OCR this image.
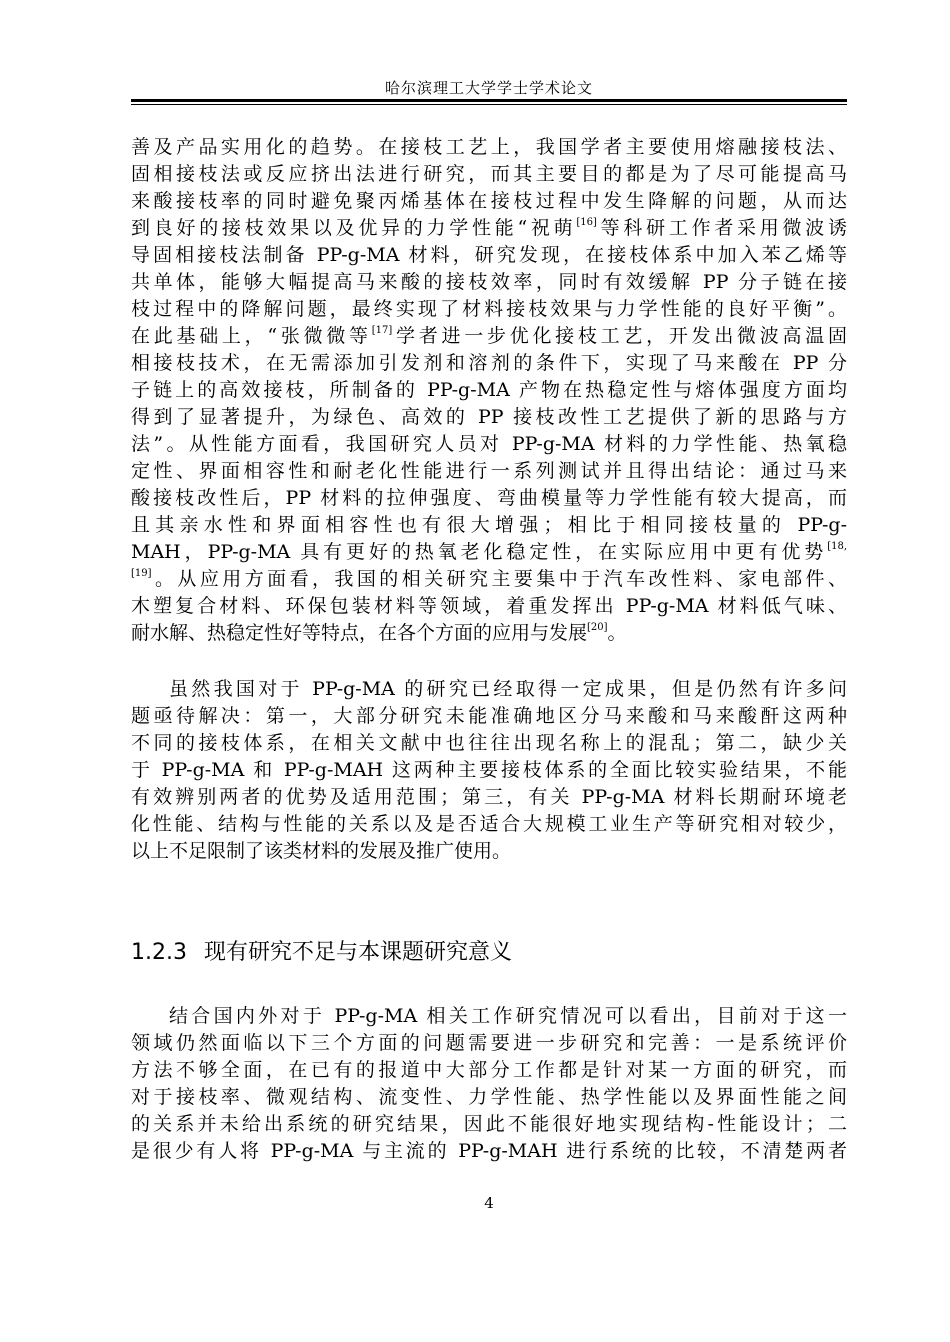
哈尔滨理工大学学士学术论文
善及产品实用化的趋势。在接枝工艺上，我国学者主要使用熔融接枝法、
固相接枝法或反应挤出法进行研究，而其主要目的都是为了尽可能提高马
来酸接枝率的同时避免聚丙烯基体在接枝过程中发生降解的问题，从而达
到良好的接枝效果以及优异的力学性能“祝萌[16]等科研工作者采用微波诱
导固相接枝法制备 PP-g-MA 材料，研究发现，在接枝体系中加入苯乙烯等
共单体，能够大幅提高马来酸的接枝效率，同时有效缓解 PP 分子链在接
枝过程中的降解问题，最终实现了材料接枝效果与力学性能的良好平衡”。
在此基础上，“张微微等[17]学者进一步优化接枝工艺，开发出微波高温固
相接枝技术，在无需添加引发剂和溶剂的条件下，实现了马来酸在 PP 分
子链上的高效接枝，所制备的 PP-g-MA 产物在热稳定性与熔体强度方面均
得到了显著提升，为绿色、高效的 PP 接枝改性工艺提供了新的思路与方
法”。从性能方面看，我国研究人员对 PP-g-MA 材料的力学性能、热氧稳
定性、界面相容性和耐老化性能进行一系列测试并且得出结论：通过马来
酸接枝改性后，PP 材料的拉伸强度、弯曲模量等力学性能有较大提高，而
且其亲水性和界面相容性也有很大增强；相比于相同接枝量的 PP-g-
MAH，PP-g-MA 具有更好的热氧老化稳定性，在实际应用中更有优势$^{[18,}$
[19]。从应用方面看，我国的相关研究主要集中于汽车改性料、家电部件、
木塑复合材料、环保包装材料等领域，着重发挥出 PP-g-MA 材料低气味、
耐水解、热稳定性好等特点，在各个方面的应用与发展[20]。
虽然我国对于 PP-g-MA 的研究已经取得一定成果，但是仍然有许多问
题亟待解决：第一，大部分研究未能准确地区分马来酸和马来酸酐这两种
不同的接枝体系，在相关文献中也往往出现名称上的混乱；第二，缺少关
于 PP-g-MA 和 PP-g-MAH 这两种主要接枝体系的全面比较实验结果，不能
有效辨别两者的优势及适用范围；第三，有关 PP-g-MA 材料长期耐环境老
化性能、结构与性能的关系以及是否适合大规模工业生产等研究相对较少，
以上不足限制了该类材料的发展及推广使用。
1.2.3 现有研究不足与本课题研究意义
结合国内外对于 PP-g-MA 相关工作研究情况可以看出，目前对于这一
领域仍然面临以下三个方面的问题需要进一步研究和完善：一是系统评价
方法不够全面，在已有的报道中大部分工作都是针对某一方面的研究，而
对于接枝率、微观结构、流变性、力学性能、热学性能以及界面性能之间
的关系并未给出系统的研究结果，因此不能很好地实现结构-性能设计；二
是很少有人将 PP-g-MA 与主流的 PP-g-MAH 进行系统的比较，不清楚两者
4
